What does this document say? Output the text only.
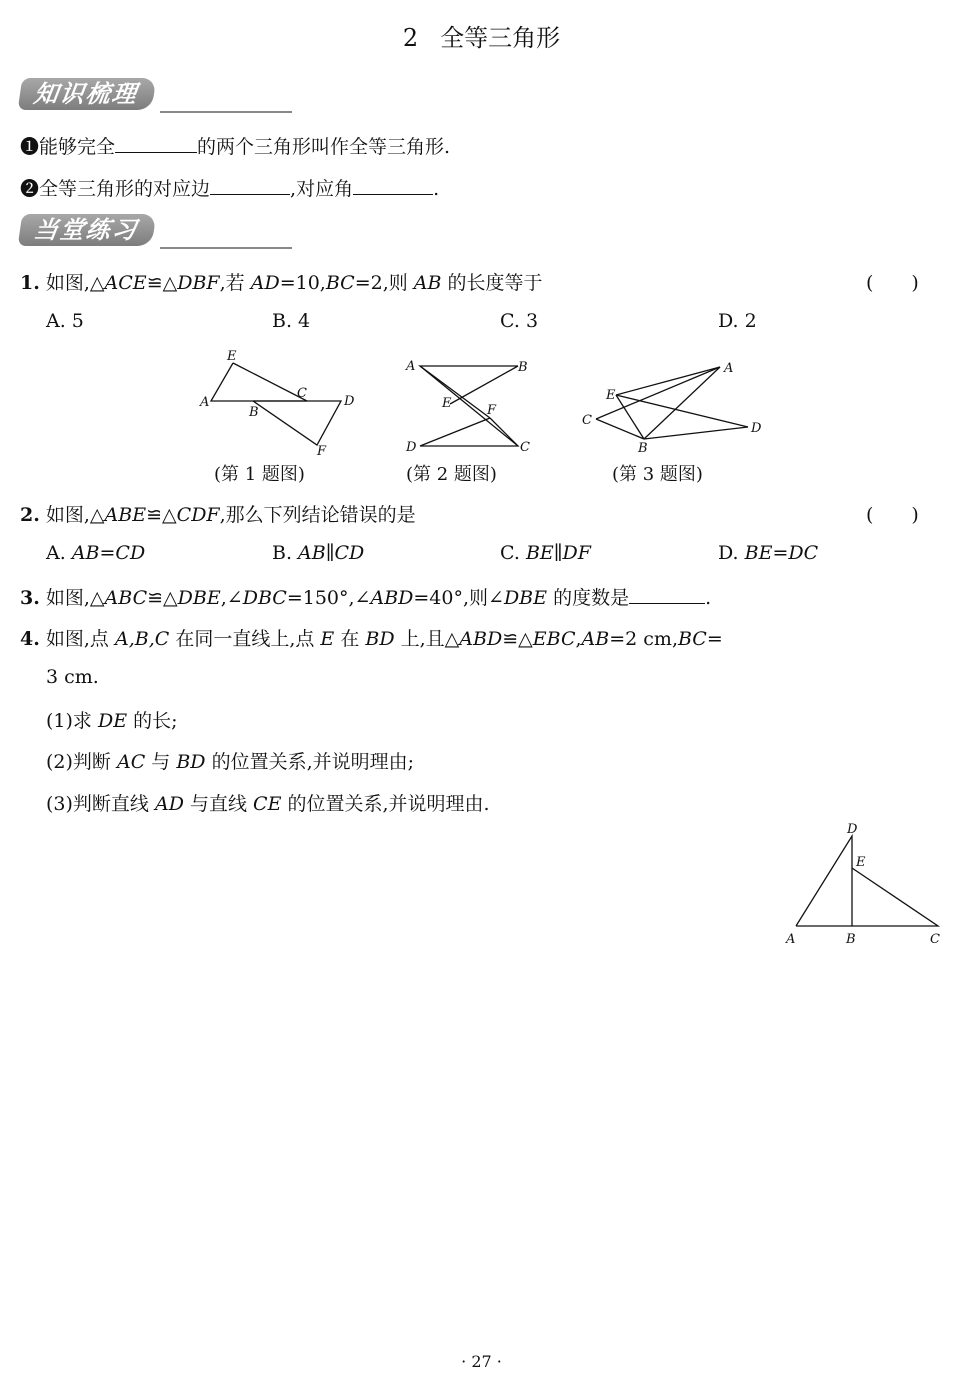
2 全等三角形
知识梳理
❶能够完全	的两个三角形叫作全等三角形.
❷全等三角形的对应边	,对应角	.
当堂练习
1. 如图,△ACE≌△DBF,若 AD=10,BC=2,则 AB 的长度等于	(　　)
A. 5	B. 4	C. 3	D. 2
E
A
B
C
D
F
(第 1 题图)
A	B
E	F
D	C
(第 2 题图)
E
A
C
B
D
(第 3 题图)
2. 如图,△ABE≌△CDF,那么下列结论错误的是	(　　)
A. AB=CD	B. AB∥CD	C. BE∥DF	D. BE=DC
3. 如图,△ABC≌△DBE,∠DBC=150°,∠ABD=40°,则∠DBE 的度数是	.
4. 如图,点 A,B,C 在同一直线上,点 E 在 BD 上,且△ABD≌△EBC,AB=2 cm,BC=
3 cm.
(1)求 DE 的长;
(2)判断 AC 与 BD 的位置关系,并说明理由;
(3)判断直线 AD 与直线 CE 的位置关系,并说明理由.
D
E
A	B	C
· 27 ·
